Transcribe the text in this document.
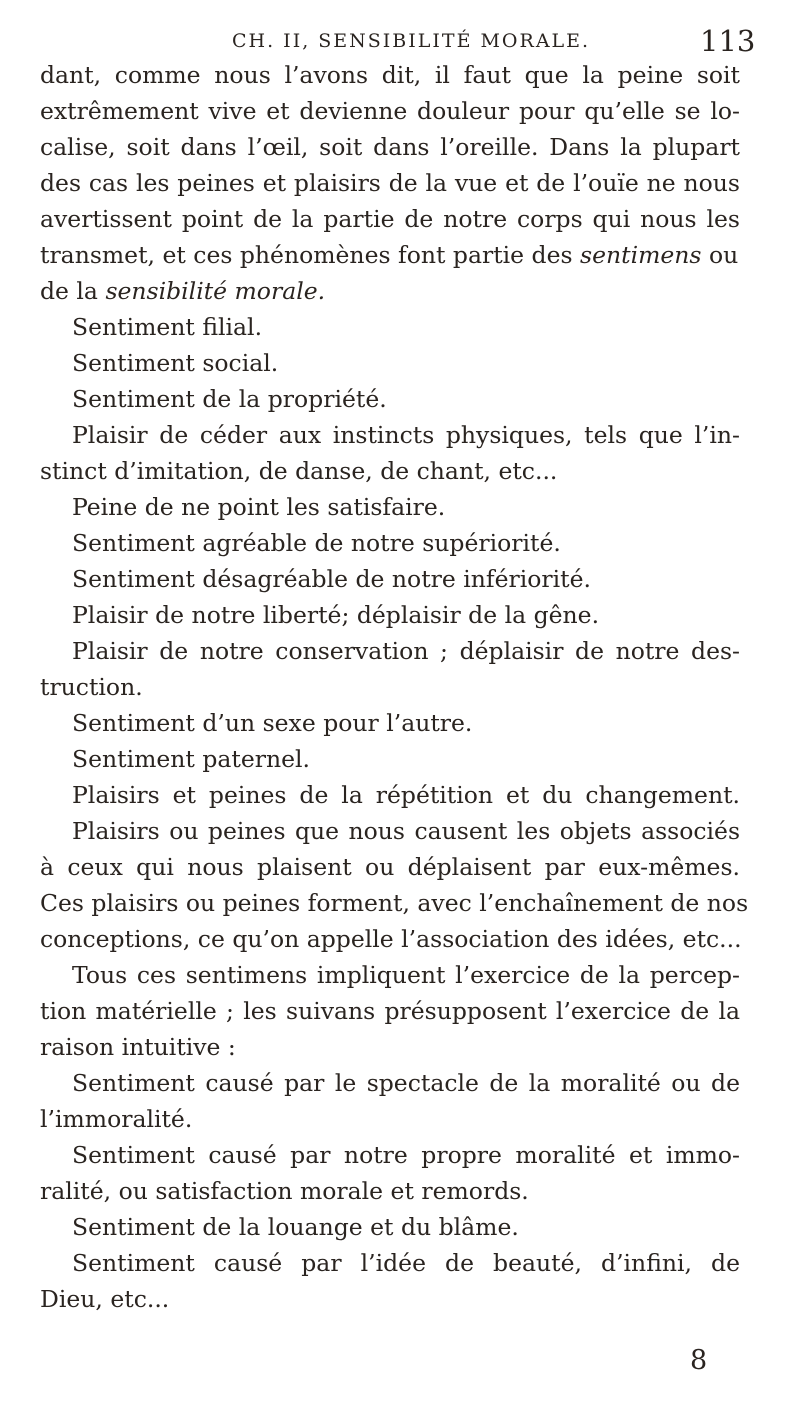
CH. II, SENSIBILITÉ MORALE.	113
dant, comme nous l’avons dit, il faut que la peine soit
extrêmement vive et devienne douleur pour qu’elle se lo-
calise, soit dans l’œil, soit dans l’oreille. Dans la plupart
des cas les peines et plaisirs de la vue et de l’ouïe ne nous
avertissent point de la partie de notre corps qui nous les
transmet, et ces phénomènes font partie des sentimens ou
de la sensibilité morale.
Sentiment filial.
Sentiment social.
Sentiment de la propriété.
Plaisir de céder aux instincts physiques, tels que l’in-
stinct d’imitation, de danse, de chant, etc...
Peine de ne point les satisfaire.
Sentiment agréable de notre supériorité.
Sentiment désagréable de notre infériorité.
Plaisir de notre liberté; déplaisir de la gêne.
Plaisir de notre conservation ; déplaisir de notre des-
truction.
Sentiment d’un sexe pour l’autre.
Sentiment paternel.
Plaisirs et peines de la répétition et du changement.
Plaisirs ou peines que nous causent les objets associés
à ceux qui nous plaisent ou déplaisent par eux-mêmes.
Ces plaisirs ou peines forment, avec l’enchaînement de nos
conceptions, ce qu’on appelle l’association des idées, etc...
Tous ces sentimens impliquent l’exercice de la percep-
tion matérielle ; les suivans présupposent l’exercice de la
raison intuitive :
Sentiment causé par le spectacle de la moralité ou de
l’immoralité.
Sentiment causé par notre propre moralité et immo-
ralité, ou satisfaction morale et remords.
Sentiment de la louange et du blâme.
Sentiment causé par l’idée de beauté, d’infini, de
Dieu, etc...
8
